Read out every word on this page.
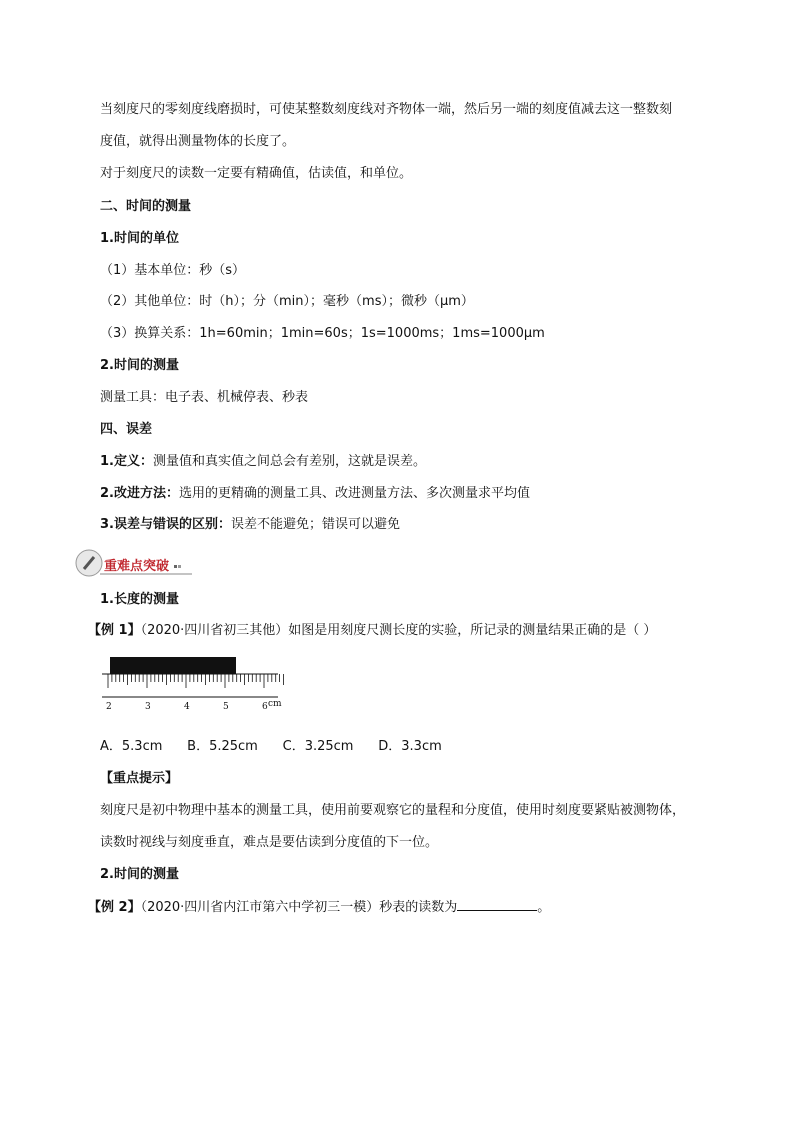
当刻度尺的零刻度线磨损时，可使某整数刻度线对齐物体一端，然后另一端的刻度值减去这一整数刻
度值，就得出测量物体的长度了。
对于刻度尺的读数一定要有精确值，估读值，和单位。
二、时间的测量
1.时间的单位
（1）基本单位：秒（s）
（2）其他单位：时（h）；分（min）；毫秒（ms）；微秒（μm）
（3）换算关系：1h=60min；1min=60s；1s=1000ms；1ms=1000μm
2.时间的测量
测量工具：电子表、机械停表、秒表
四、误差
1.定义：测量值和真实值之间总会有差别，这就是误差。
2.改进方法：选用的更精确的测量工具、改进测量方法、多次测量求平均值
3.误差与错误的区别：误差不能避免；错误可以避免
重难点突破
1.长度的测量
【例 1】（2020·四川省初三其他）如图是用刻度尺测长度的实验，所记录的测量结果正确的是（ ）
2	3	4	5	6 cm
A．5.3cm      B．5.25cm      C．3.25cm      D．3.3cm
【重点提示】
刻度尺是初中物理中基本的测量工具，使用前要观察它的量程和分度值，使用时刻度要紧贴被测物体，
读数时视线与刻度垂直，难点是要估读到分度值的下一位。
2.时间的测量
【例 2】（2020·四川省内江市第六中学初三一模）秒表的读数为	。
